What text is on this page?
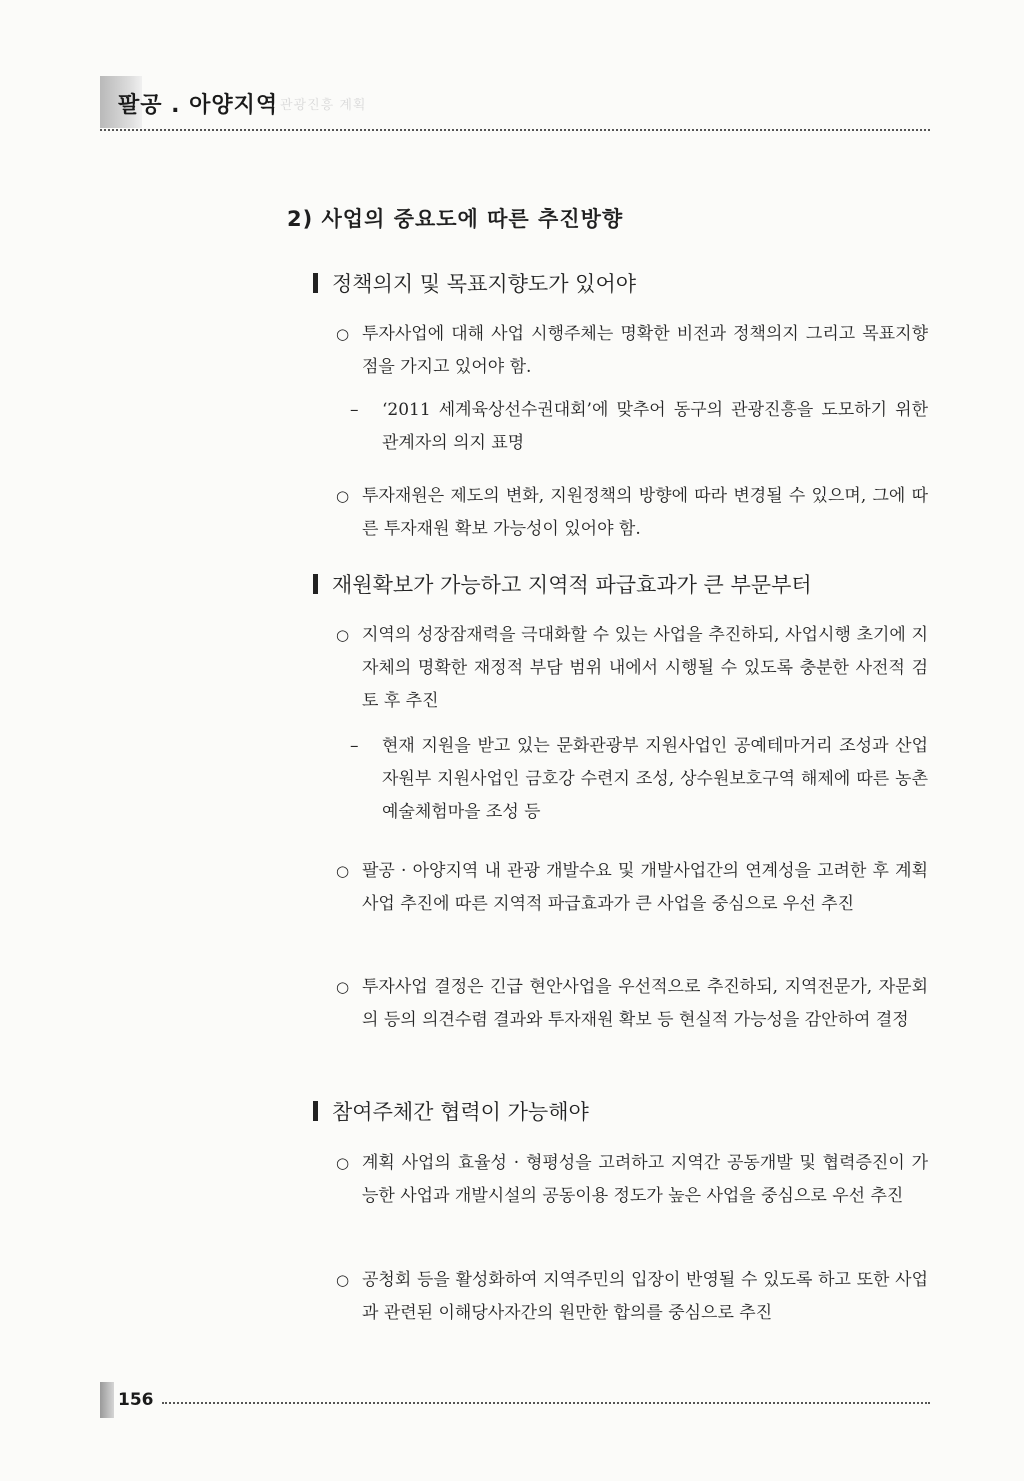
팔공 . 아양지역 관광진흥 계획
2) 사업의 중요도에 따른 추진방향
정책의지 및 목표지향도가 있어야
○ 투자사업에 대해 사업 시행주체는 명확한 비전과 정책의지 그리고 목표지향점을 가지고 있어야 함.
– ‘2011 세계육상선수권대회’에 맞추어 동구의 관광진흥을 도모하기 위한 관계자의 의지 표명
○ 투자재원은 제도의 변화, 지원정책의 방향에 따라 변경될 수 있으며, 그에 따른 투자재원 확보 가능성이 있어야 함.
재원확보가 가능하고 지역적 파급효과가 큰 부문부터
○ 지역의 성장잠재력을 극대화할 수 있는 사업을 추진하되, 사업시행 초기에 지자체의 명확한 재정적 부담 범위 내에서 시행될 수 있도록 충분한 사전적 검토 후 추진
– 현재 지원을 받고 있는 문화관광부 지원사업인 공예테마거리 조성과 산업자원부 지원사업인 금호강 수련지 조성, 상수원보호구역 해제에 따른 농촌예술체험마을 조성 등
○ 팔공 · 아양지역 내 관광 개발수요 및 개발사업간의 연계성을 고려한 후 계획사업 추진에 따른 지역적 파급효과가 큰 사업을 중심으로 우선 추진
○ 투자사업 결정은 긴급 현안사업을 우선적으로 추진하되, 지역전문가, 자문회의 등의 의견수렴 결과와 투자재원 확보 등 현실적 가능성을 감안하여 결정
참여주체간 협력이 가능해야
○ 계획 사업의 효율성 · 형평성을 고려하고 지역간 공동개발 및 협력증진이 가능한 사업과 개발시설의 공동이용 정도가 높은 사업을 중심으로 우선 추진
○ 공청회 등을 활성화하여 지역주민의 입장이 반영될 수 있도록 하고 또한 사업과 관련된 이해당사자간의 원만한 합의를 중심으로 추진
156
